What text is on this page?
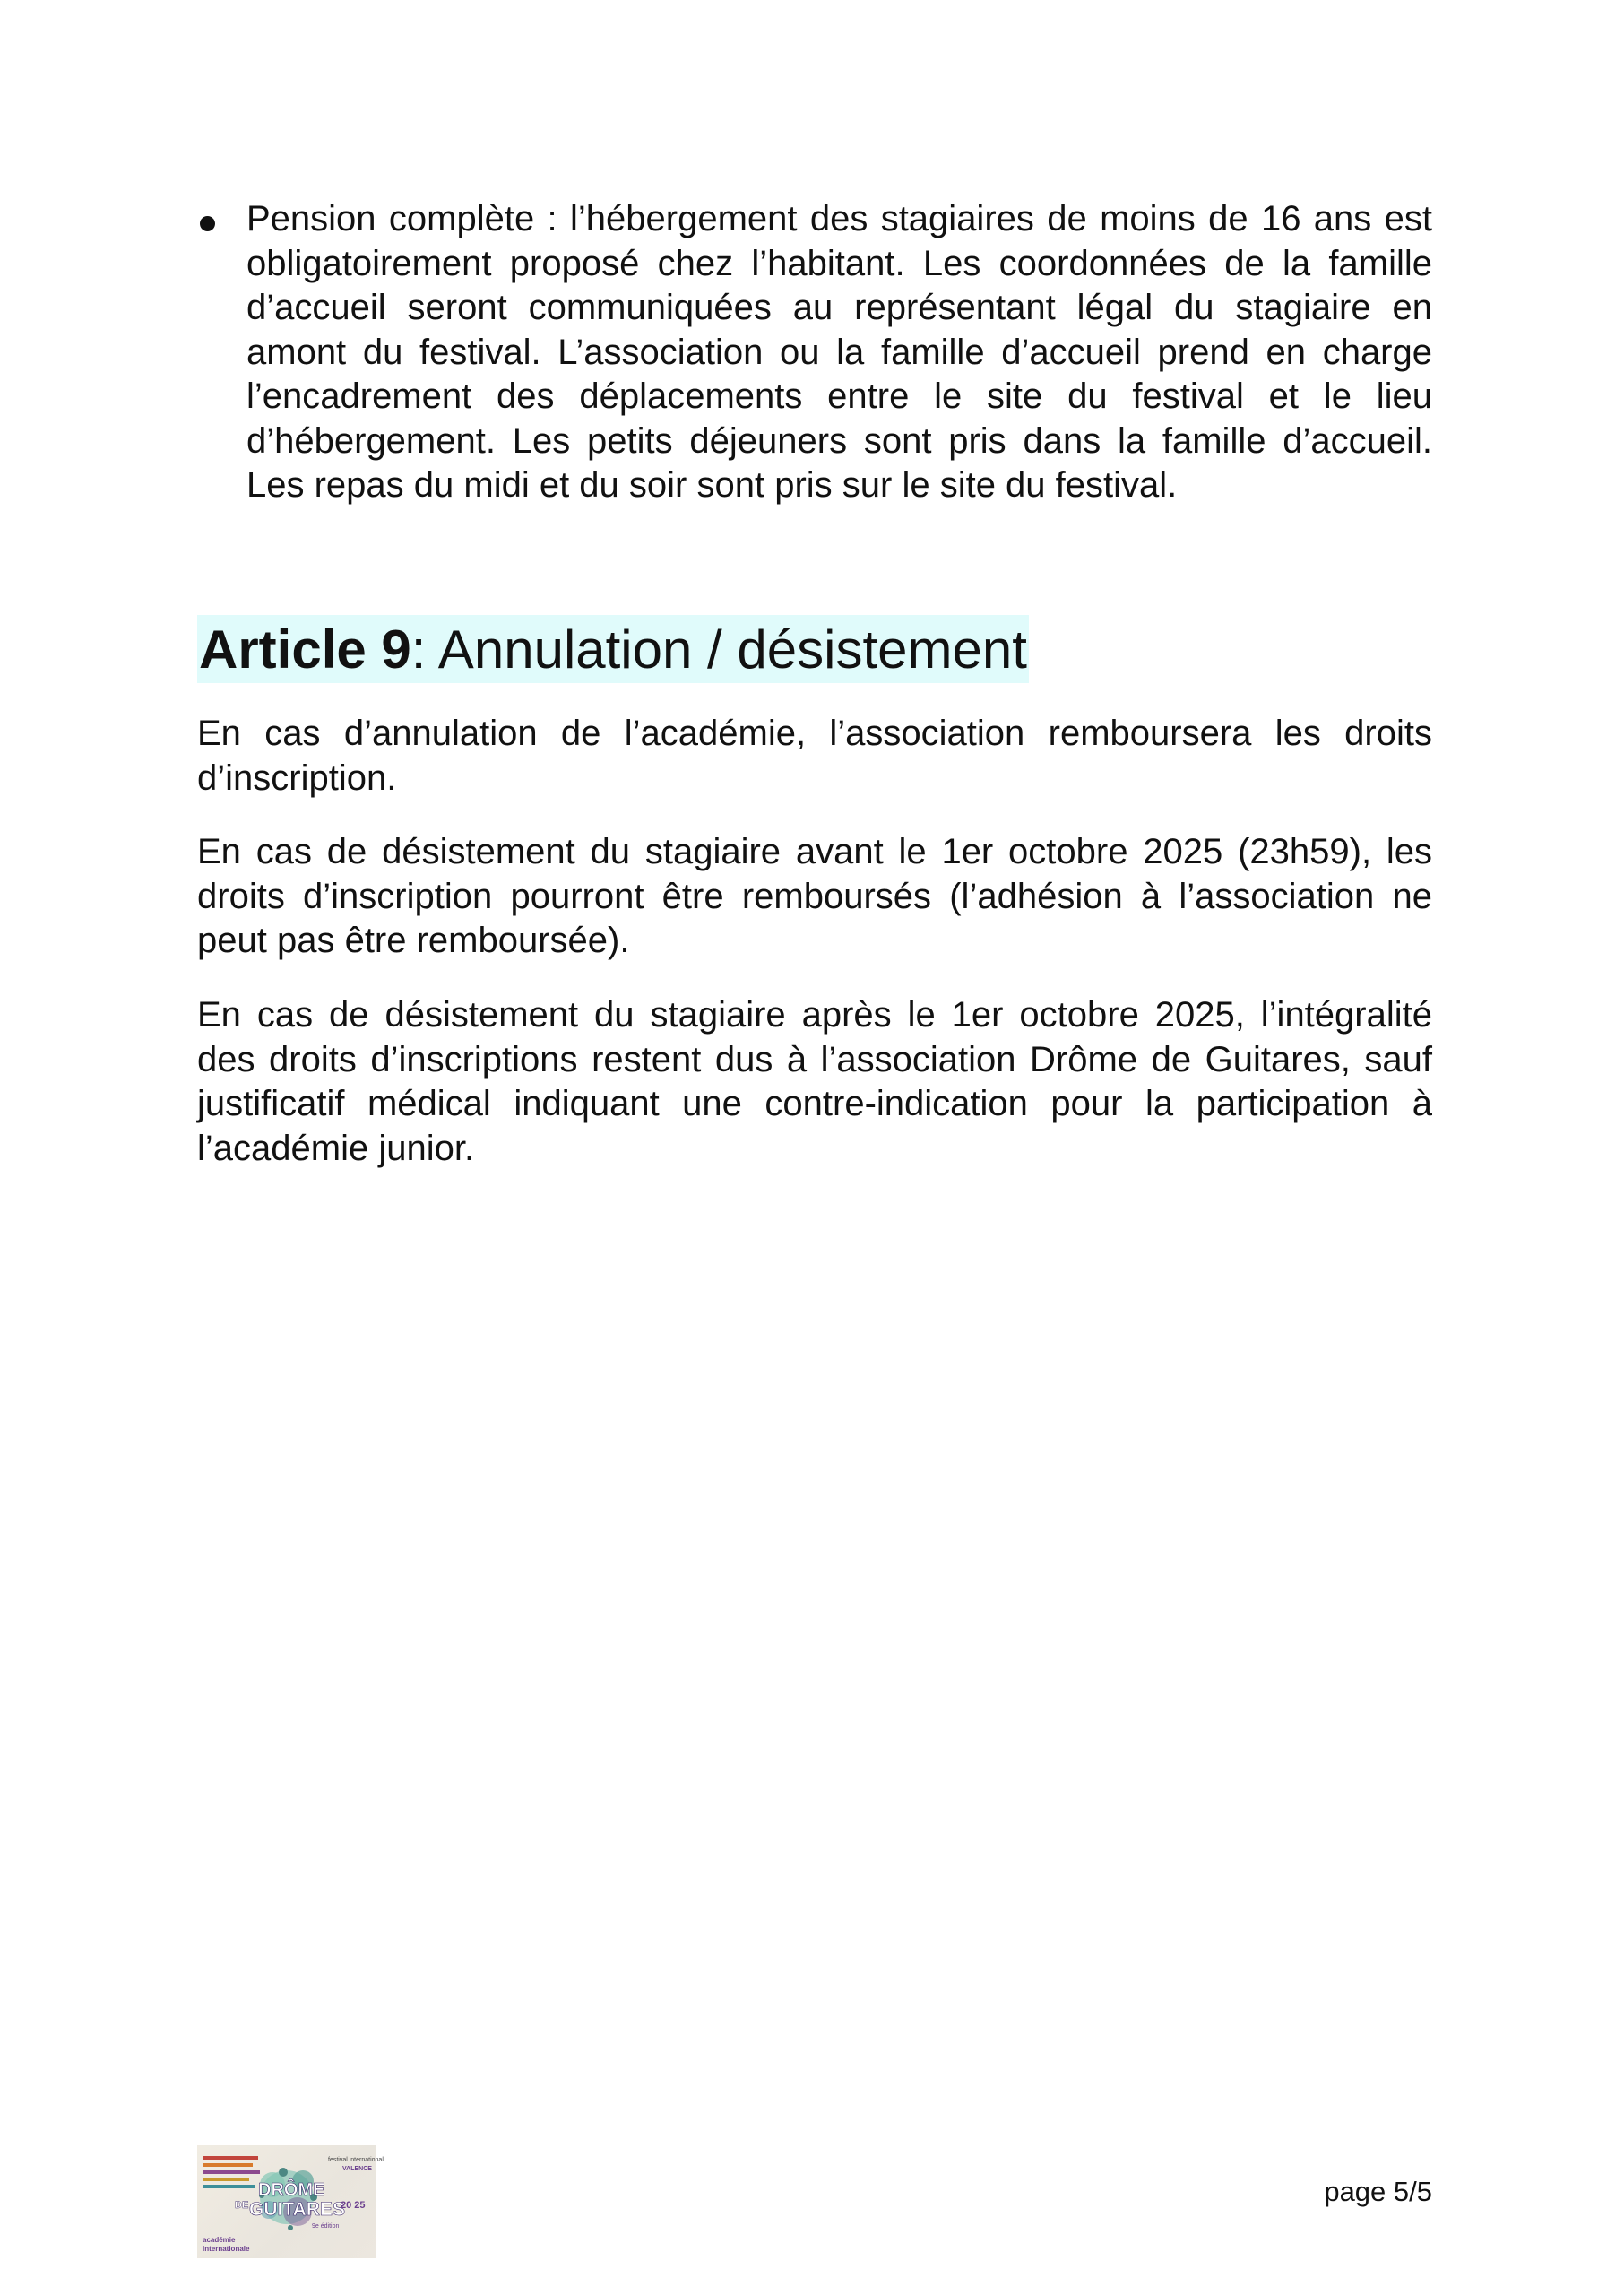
Pension complète : l’hébergement des stagiaires de moins de 16 ans est obligatoirement proposé chez l’habitant. Les coordonnées de la famille d’accueil seront communiquées au représentant légal du stagiaire en amont du festival. L’association ou la famille d’accueil prend en charge l’encadrement des déplacements entre le site du festival et le lieu d’hébergement. Les petits déjeuners sont pris dans la famille d’accueil. Les repas du midi et du soir sont pris sur le site du festival.

Article 9 : Annulation / désistement

En cas d’annulation de l’académie, l’association remboursera les droits d’inscription.

En cas de désistement du stagiaire avant le 1er octobre 2025 (23h59), les droits d’inscription pourront être remboursés (l’adhésion à l’association ne peut pas être remboursée).

En cas de désistement du stagiaire après le 1er octobre 2025, l’intégralité des droits d’inscriptions restent dus à l’association Drôme de Guitares, sauf justificatif médical indiquant une contre-indication pour la participation à l’académie junior.

festival international
VALENCE
DRÔME
DE GUITARES
20 25
9e édition
académie
internationale
page 5/5
